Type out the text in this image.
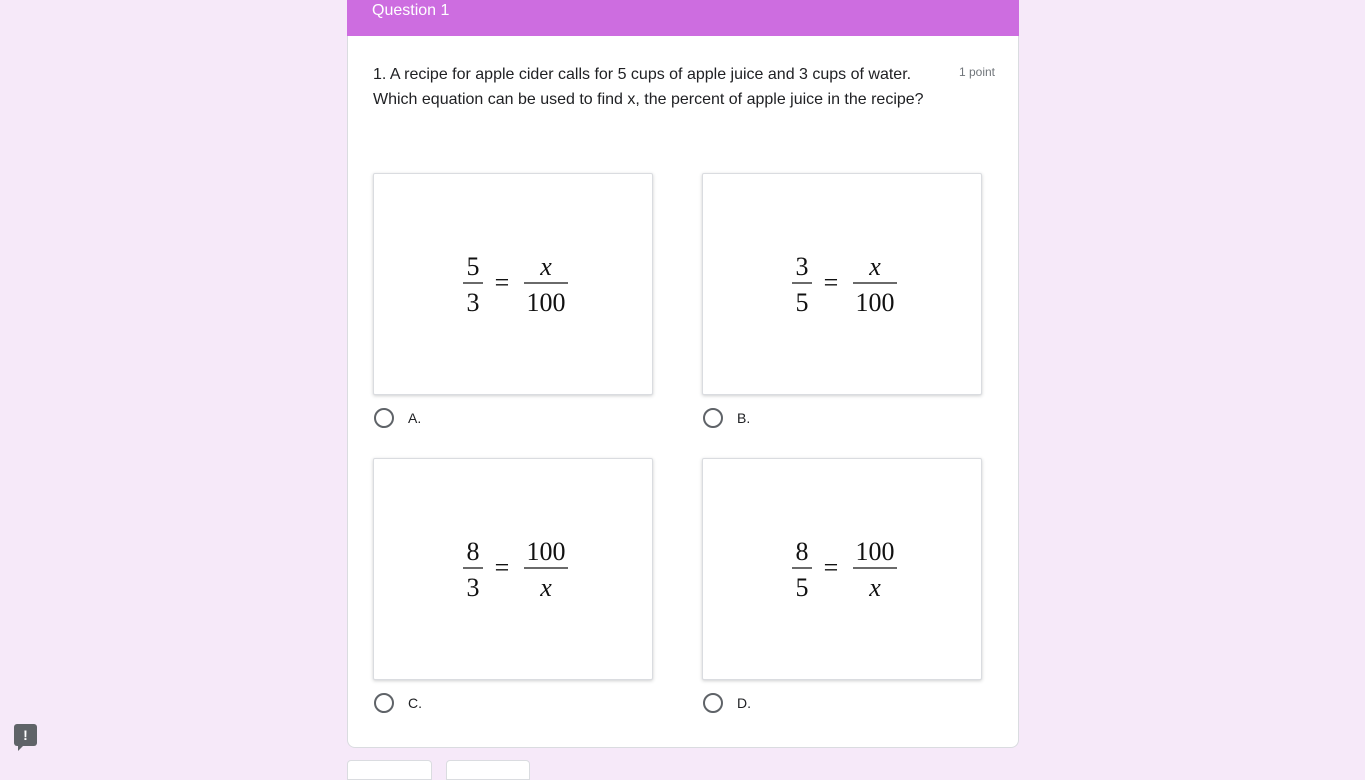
Question 1
1. A recipe for apple cider calls for 5 cups of apple juice and 3 cups of water. Which equation can be used to find x, the percent of apple juice in the recipe?
1 point
5
3
=
x
100
A.
3
5
=
x
100
B.
8
3
=
100
x
C.
8
5
=
100
x
D.
!
